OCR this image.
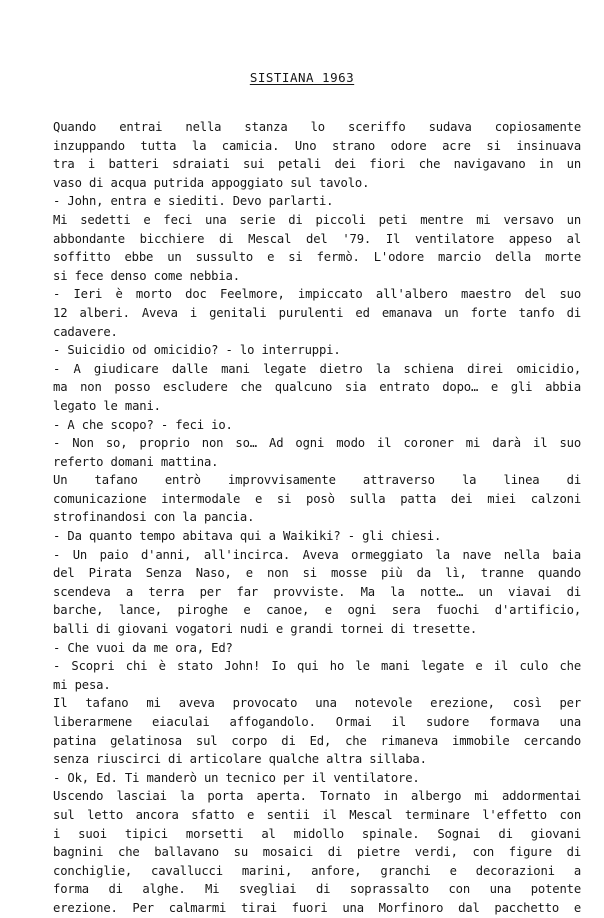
SISTIANA 1963
Quando entrai nella stanza lo sceriffo sudava copiosamente
inzuppando tutta la camicia. Uno strano odore acre si insinuava
tra i batteri sdraiati sui petali dei fiori che navigavano in un
vaso di acqua putrida appoggiato sul tavolo.
- John, entra e siediti. Devo parlarti.
Mi sedetti e feci una serie di piccoli peti mentre mi versavo un
abbondante bicchiere di Mescal del '79. Il ventilatore appeso al
soffitto ebbe un sussulto e si fermò. L'odore marcio della morte
si fece denso come nebbia.
- Ieri è morto doc Feelmore, impiccato all'albero maestro del suo
12 alberi. Aveva i genitali purulenti ed emanava un forte tanfo di
cadavere.
- Suicidio od omicidio? - lo interruppi.
- A giudicare dalle mani legate dietro la schiena direi omicidio,
ma non posso escludere che qualcuno sia entrato dopo… e gli abbia
legato le mani.
- A che scopo? - feci io.
- Non so, proprio non so… Ad ogni modo il coroner mi darà il suo
referto domani mattina.
Un tafano entrò improvvisamente attraverso la linea di
comunicazione intermodale e si posò sulla patta dei miei calzoni
strofinandosi con la pancia.
- Da quanto tempo abitava qui a Waikiki? - gli chiesi.
- Un paio d'anni, all'incirca. Aveva ormeggiato la nave nella baia
del Pirata Senza Naso, e non si mosse più da lì, tranne quando
scendeva a terra per far provviste. Ma la notte… un viavai di
barche, lance, piroghe e canoe, e ogni sera fuochi d'artificio,
balli di giovani vogatori nudi e grandi tornei di tresette.
- Che vuoi da me ora, Ed?
- Scopri chi è stato John! Io qui ho le mani legate e il culo che
mi pesa.
Il tafano mi aveva provocato una notevole erezione, così per
liberarmene eiaculai affogandolo. Ormai il sudore formava una
patina gelatinosa sul corpo di Ed, che rimaneva immobile cercando
senza riuscirci di articolare qualche altra sillaba.
- Ok, Ed. Ti manderò un tecnico per il ventilatore.
Uscendo lasciai la porta aperta. Tornato in albergo mi addormentai
sul letto ancora sfatto e sentii il Mescal terminare l'effetto con
i suoi tipici morsetti al midollo spinale. Sognai di giovani
bagnini che ballavano su mosaici di pietre verdi, con figure di
conchiglie, cavallucci marini, anfore, granchi e decorazioni a
forma di alghe. Mi svegliai di soprassalto con una potente
erezione. Per calmarmi tirai fuori una Morfinoro dal pacchetto e
